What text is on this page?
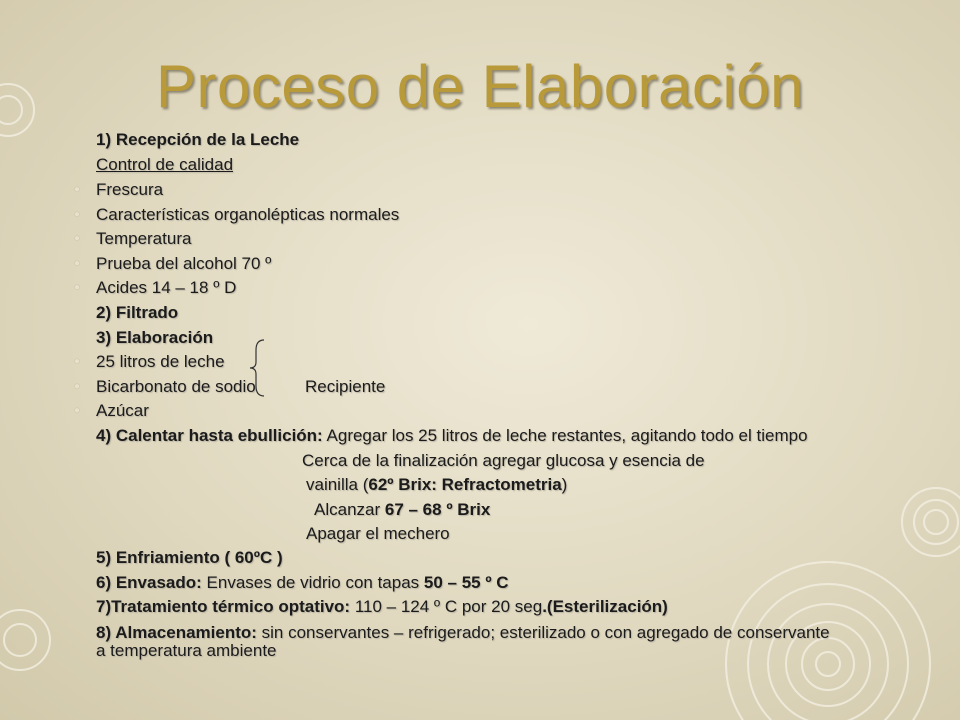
Proceso de Elaboración
1) Recepción de la Leche
Control de calidad
● Frescura
● Características organolépticas normales
● Temperatura
● Prueba del alcohol 70 º
● Acides 14 – 18 º D
2) Filtrado
3) Elaboración
● 25 litros de leche
● Bicarbonato de sodio
● Azúcar
Recipiente
4) Calentar hasta ebullición: Agregar los 25 litros de leche restantes, agitando todo el tiempo
Cerca de la finalización agregar glucosa y esencia de
vainilla (62º Brix: Refractometria)
Alcanzar 67 – 68 º Brix
Apagar el mechero
5) Enfriamiento ( 60ºC )
6) Envasado: Envases de vidrio con tapas 50 – 55 º C
7)Tratamiento térmico optativo: 110 – 124 º C por 20 seg.(Esterilización)
8) Almacenamiento: sin conservantes – refrigerado; esterilizado o con agregado de conservante
a temperatura ambiente
